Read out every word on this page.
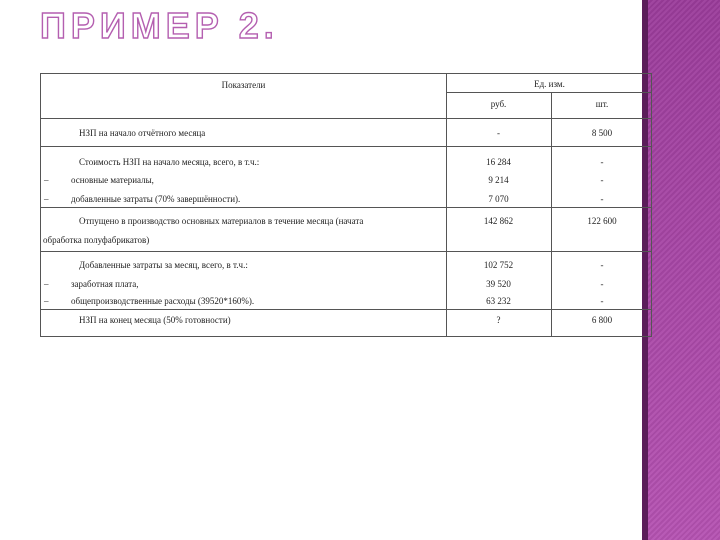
ПРИМЕР 2.
Показатели	Ед. изм.
руб.	шт.
НЗП на начало отчётного месяца	-	8 500
Стоимость НЗП на начало месяца, всего, в т.ч.:	16 284	-
–	основные материалы,	9 214	-
–	добавленные затраты (70% завершённости).	7 070	-
Отпущено в производство основных материалов в течение месяца (начата
обработка полуфабрикатов)
142 862	122 600
Добавленные затраты за месяц, всего, в т.ч.:	102 752	-
–	заработная плата,	39 520	-
–	общепроизводственные расходы (39520*160%).	63 232	-
НЗП на конец месяца (50% готовности)	?	6 800
